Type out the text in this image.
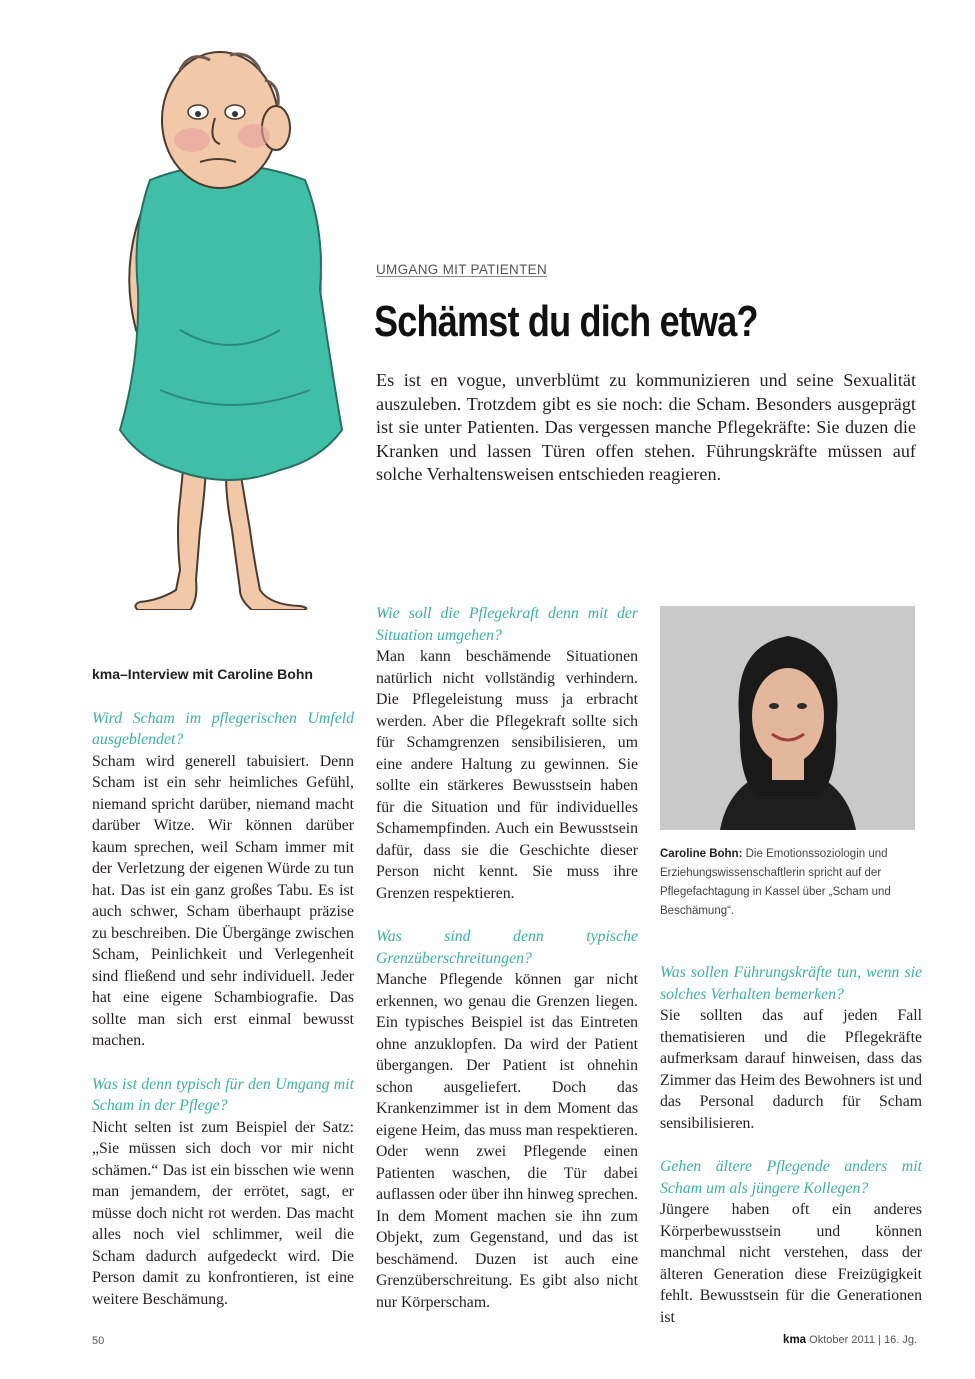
UMGANG MIT PATIENTEN
Schämst du dich etwa?

Es ist en vogue, unverblümt zu kommunizieren und seine Sexualität auszuleben. Trotzdem gibt es sie noch: die Scham. Besonders ausgeprägt ist sie unter Patienten. Das vergessen manche Pflegekräfte: Sie duzen die Kranken und lassen Türen offen stehen. Führungskräfte müssen auf solche Verhaltensweisen entschieden reagieren.

kma–Interview mit Caroline Bohn

Wird Scham im pflegerischen Umfeld ausgeblendet?

Scham wird generell tabuisiert. Denn Scham ist ein sehr heimliches Gefühl, niemand spricht darüber, niemand macht darüber Witze. Wir können darüber kaum sprechen, weil Scham immer mit der Verletzung der eigenen Würde zu tun hat. Das ist ein ganz großes Tabu. Es ist auch schwer, Scham überhaupt präzise zu beschreiben. Die Übergänge zwischen Scham, Peinlichkeit und Verlegenheit sind fließend und sehr individuell. Jeder hat eine eigene Schambiografie. Das sollte man sich erst einmal bewusst machen.

Was ist denn typisch für den Umgang mit Scham in der Pflege?

Nicht selten ist zum Beispiel der Satz: „Sie müssen sich doch vor mir nicht schämen.“ Das ist ein bisschen wie wenn man jemandem, der errötet, sagt, er müsse doch nicht rot werden. Das macht alles noch viel schlimmer, weil die Scham dadurch aufgedeckt wird. Die Person damit zu konfrontieren, ist eine weitere Beschämung.

Wie soll die Pflegekraft denn mit der Situation umgehen?

Man kann beschämende Situationen natürlich nicht vollständig verhindern. Die Pflegeleistung muss ja erbracht werden. Aber die Pflegekraft sollte sich für Schamgrenzen sensibilisieren, um eine andere Haltung zu gewinnen. Sie sollte ein stärkeres Bewusstsein haben für die Situation und für individuelles Schamempfinden. Auch ein Bewusstsein dafür, dass sie die Geschichte dieser Person nicht kennt. Sie muss ihre Grenzen respektieren.

Was sind denn typische Grenzüberschreitungen?

Manche Pflegende können gar nicht erkennen, wo genau die Grenzen liegen. Ein typisches Beispiel ist das Eintreten ohne anzuklopfen. Da wird der Patient übergangen. Der Patient ist ohnehin schon ausgeliefert. Doch das Krankenzimmer ist in dem Moment das eigene Heim, das muss man respektieren. Oder wenn zwei Pflegende einen Patienten waschen, die Tür dabei auflassen oder über ihn hinweg sprechen. In dem Moment machen sie ihn zum Objekt, zum Gegenstand, und das ist beschämend. Duzen ist auch eine Grenzüberschreitung. Es gibt also nicht nur Körperscham.

Caroline Bohn: Die Emotionssoziologin und Erziehungswissenschaftlerin spricht auf der Pflegefachtagung in Kassel über „Scham und Beschämung“.

Was sollen Führungskräfte tun, wenn sie solches Verhalten bemerken?

Sie sollten das auf jeden Fall thematisieren und die Pflegekräfte aufmerksam darauf hinweisen, dass das Zimmer das Heim des Bewohners ist und das Personal dadurch für Scham sensibilisieren.

Gehen ältere Pflegende anders mit Scham um als jüngere Kollegen?

Jüngere haben oft ein anderes Körperbewusstsein und können manchmal nicht verstehen, dass der älteren Generation diese Freizügigkeit fehlt. Bewusstsein für die Generationen ist

50	kma Oktober 2011 | 16. Jg.
